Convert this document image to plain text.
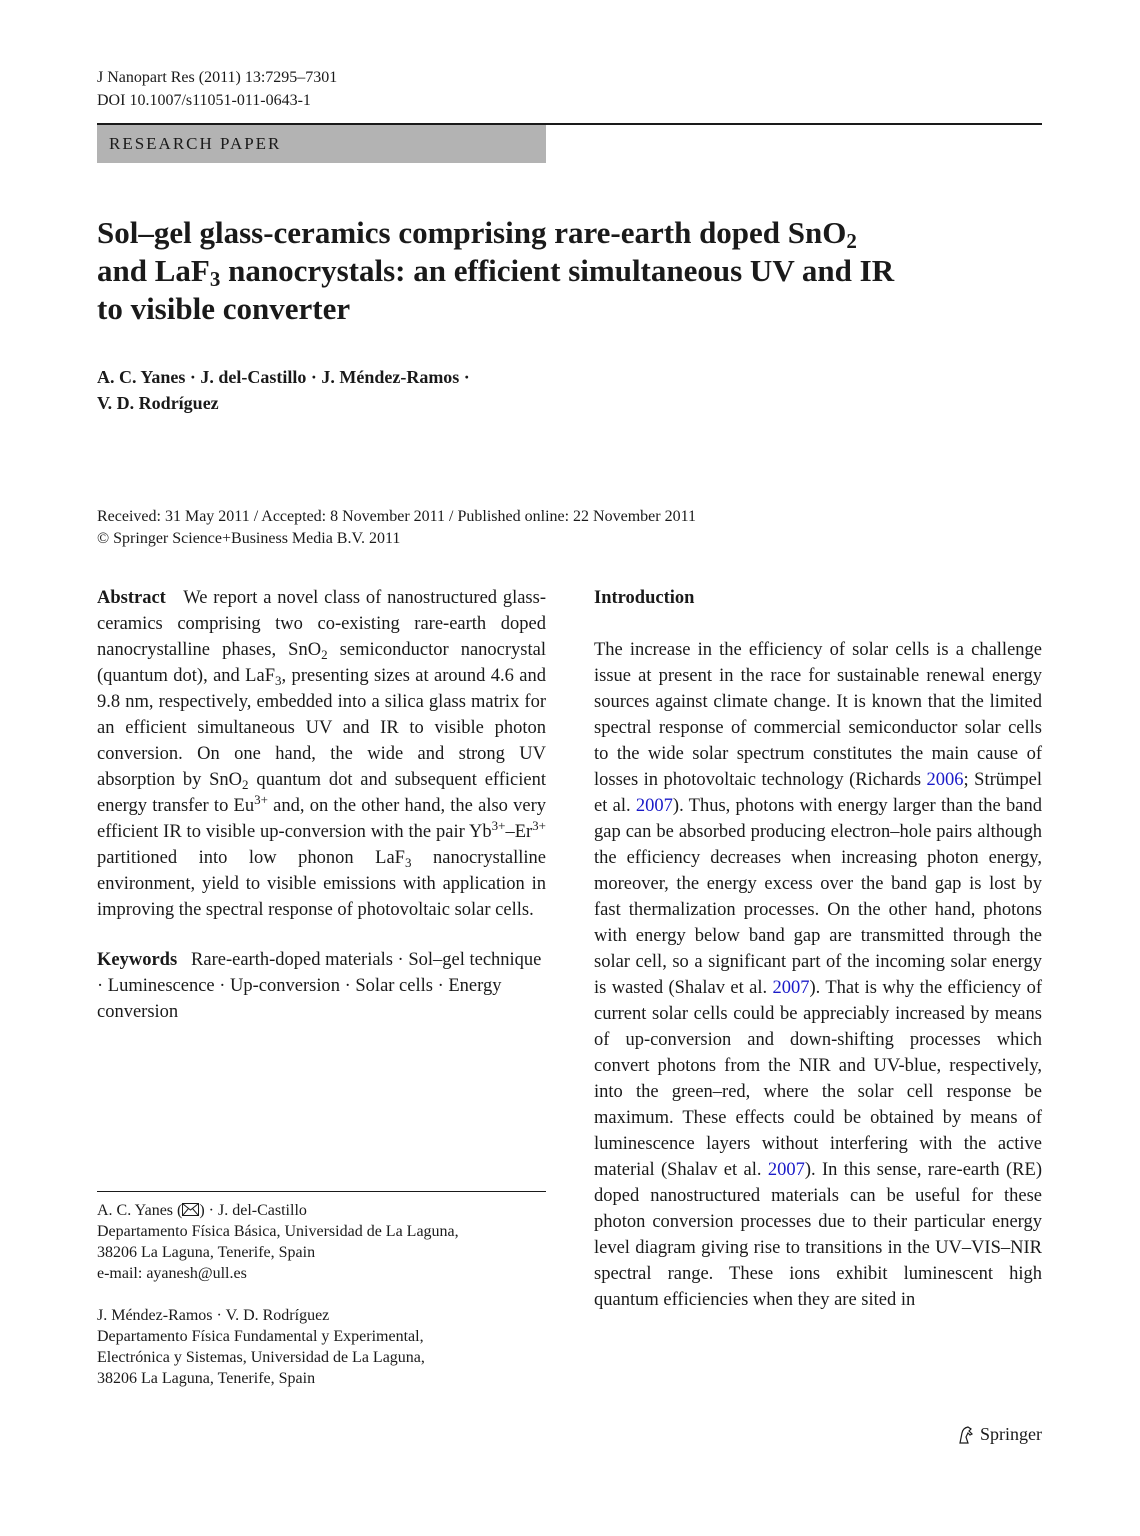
J Nanopart Res (2011) 13:7295–7301
DOI 10.1007/s11051-011-0643-1
RESEARCH PAPER
Sol–gel glass-ceramics comprising rare-earth doped SnO$_2$
and LaF$_3$ nanocrystals: an efficient simultaneous UV and IR
to visible converter
A. C. Yanes · J. del-Castillo · J. Méndez-Ramos ·
V. D. Rodríguez
Received: 31 May 2011 / Accepted: 8 November 2011 / Published online: 22 November 2011
© Springer Science+Business Media B.V. 2011

Abstract We report a novel class of nanostructured glass-ceramics comprising two co-existing rare-earth doped nanocrystalline phases, SnO$_2$ semiconductor nanocrystal (quantum dot), and LaF$_3$, presenting sizes at around 4.6 and 9.8 nm, respectively, embedded into a silica glass matrix for an efficient simultaneous UV and IR to visible photon conversion. On one hand, the wide and strong UV absorption by SnO$_2$ quantum dot and subsequent efficient energy transfer to $Eu^{3+}$ and, on the other hand, the also very efficient IR to visible up-conversion with the pair $Yb^{3+}-Er^{3+}$ partitioned into low phonon LaF$_3$ nanocrystalline environment, yield to visible emissions with application in improving the spectral response of photovoltaic solar cells.

Keywords Rare-earth-doped materials · Sol–gel technique · Luminescence · Up-conversion · Solar cells · Energy conversion

A. C. Yanes ( ) · J. del-Castillo
Departamento Física Básica, Universidad de La Laguna,
38206 La Laguna, Tenerife, Spain
e-mail: ayanesh@ull.es
J. Méndez-Ramos · V. D. Rodríguez
Departamento Física Fundamental y Experimental,
Electrónica y Sistemas, Universidad de La Laguna,
38206 La Laguna, Tenerife, Spain

Introduction

The increase in the efficiency of solar cells is a challenge issue at present in the race for sustainable renewal energy sources against climate change. It is known that the limited spectral response of commercial semiconductor solar cells to the wide solar spectrum constitutes the main cause of losses in photovoltaic technology (Richards 2006; Strümpel et al. 2007). Thus, photons with energy larger than the band gap can be absorbed producing electron–hole pairs although the efficiency decreases when increasing photon energy, moreover, the energy excess over the band gap is lost by fast thermalization processes. On the other hand, photons with energy below band gap are transmitted through the solar cell, so a significant part of the incoming solar energy is wasted (Shalav et al. 2007). That is why the efficiency of current solar cells could be appreciably increased by means of up-conversion and down-shifting processes which convert photons from the NIR and UV-blue, respectively, into the green–red, where the solar cell response be maximum. These effects could be obtained by means of luminescence layers without interfering with the active material (Shalav et al. 2007). In this sense, rare-earth (RE) doped nanostructured materials can be useful for these photon conversion processes due to their particular energy level diagram giving rise to transitions in the UV–VIS–NIR spectral range. These ions exhibit luminescent high quantum efficiencies when they are sited in

Springer
